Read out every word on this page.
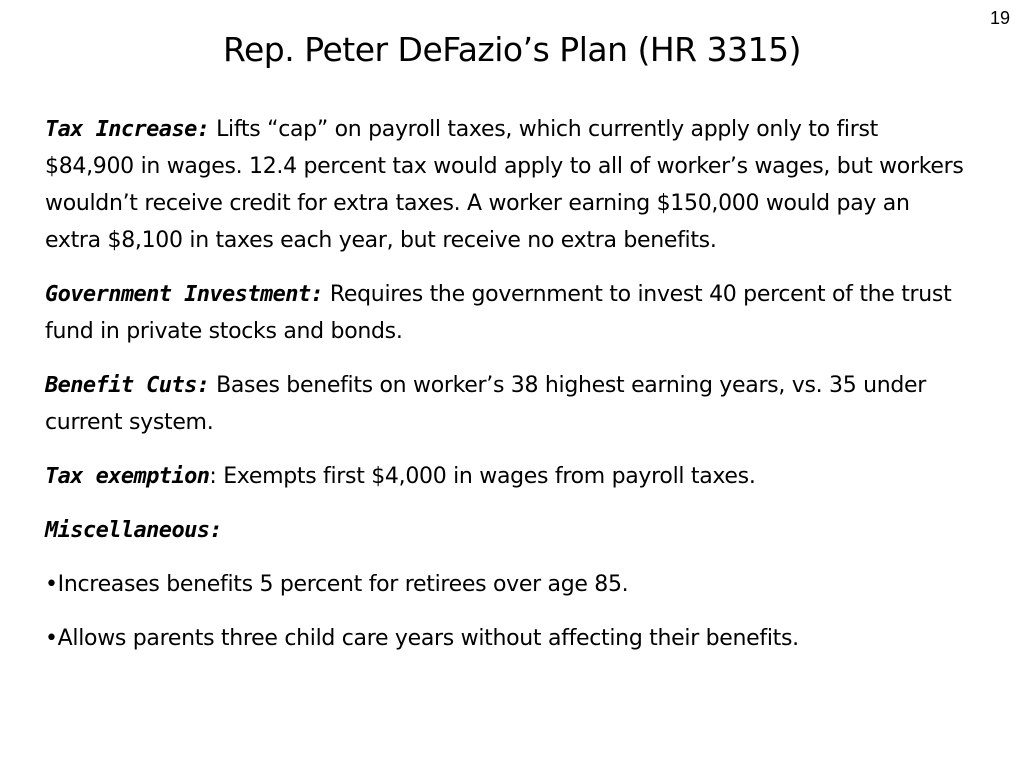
19
Rep. Peter DeFazio’s Plan (HR 3315)

Tax Increase: Lifts “cap” on payroll taxes, which currently apply only to first $84,900 in wages. 12.4 percent tax would apply to all of worker’s wages, but workers wouldn’t receive credit for extra taxes. A worker earning $150,000 would pay an extra $8,100 in taxes each year, but receive no extra benefits.

Government Investment: Requires the government to invest 40 percent of the trust fund in private stocks and bonds.

Benefit Cuts: Bases benefits on worker’s 38 highest earning years, vs. 35 under current system.

Tax exemption: Exempts first $4,000 in wages from payroll taxes.

Miscellaneous:

•Increases benefits 5 percent for retirees over age 85.

•Allows parents three child care years without affecting their benefits.
